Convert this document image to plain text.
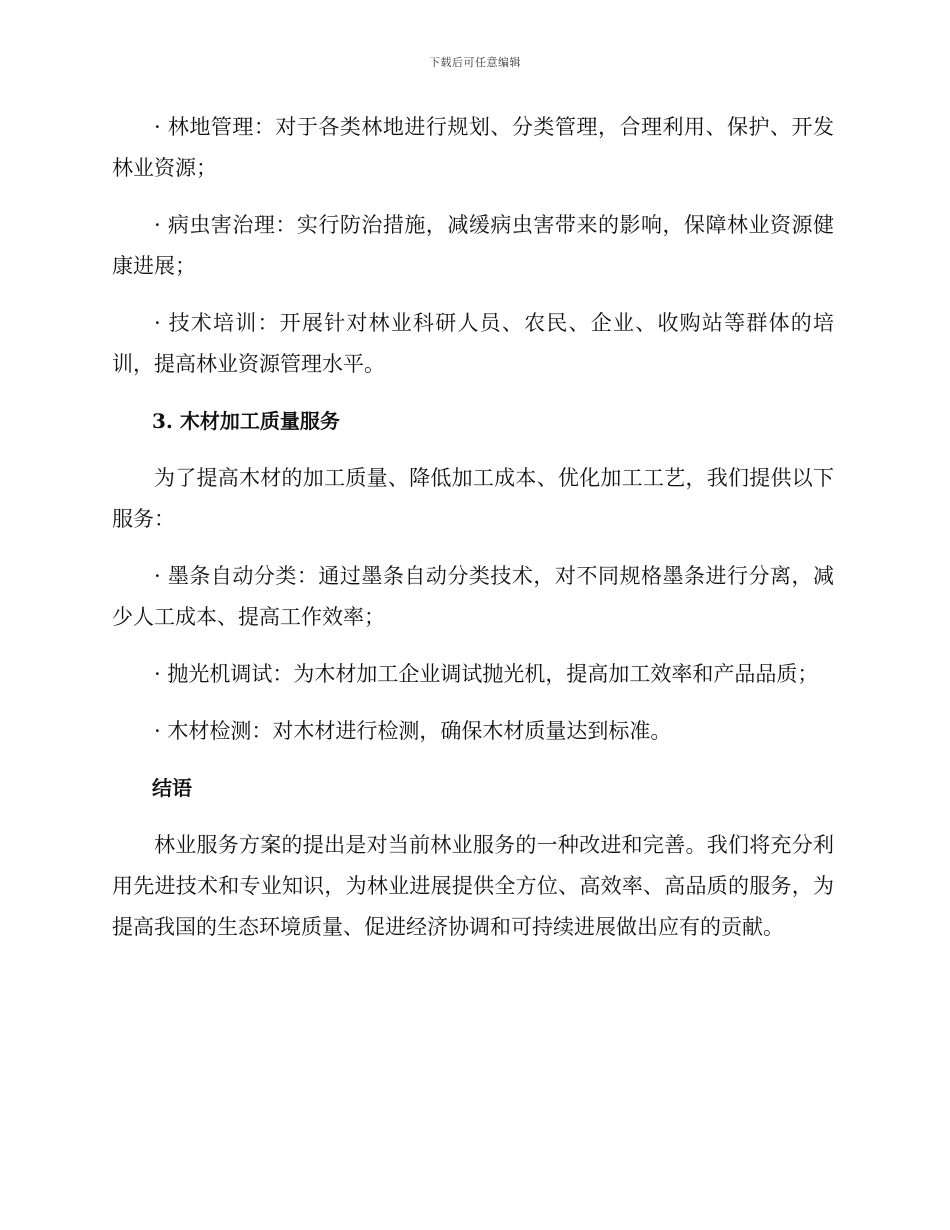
下载后可任意编辑

· 林地管理：对于各类林地进行规划、分类管理，合理利用、保护、开发林业资源；

· 病虫害治理：实行防治措施，减缓病虫害带来的影响，保障林业资源健康进展；

· 技术培训：开展针对林业科研人员、农民、企业、收购站等群体的培训，提高林业资源管理水平。

3. 木材加工质量服务

为了提高木材的加工质量、降低加工成本、优化加工工艺，我们提供以下服务：

· 墨条自动分类：通过墨条自动分类技术，对不同规格墨条进行分离，减少人工成本、提高工作效率；

· 抛光机调试：为木材加工企业调试抛光机，提高加工效率和产品品质；

· 木材检测：对木材进行检测，确保木材质量达到标准。

结语

林业服务方案的提出是对当前林业服务的一种改进和完善。我们将充分利用先进技术和专业知识，为林业进展提供全方位、高效率、高品质的服务，为提高我国的生态环境质量、促进经济协调和可持续进展做出应有的贡献。
